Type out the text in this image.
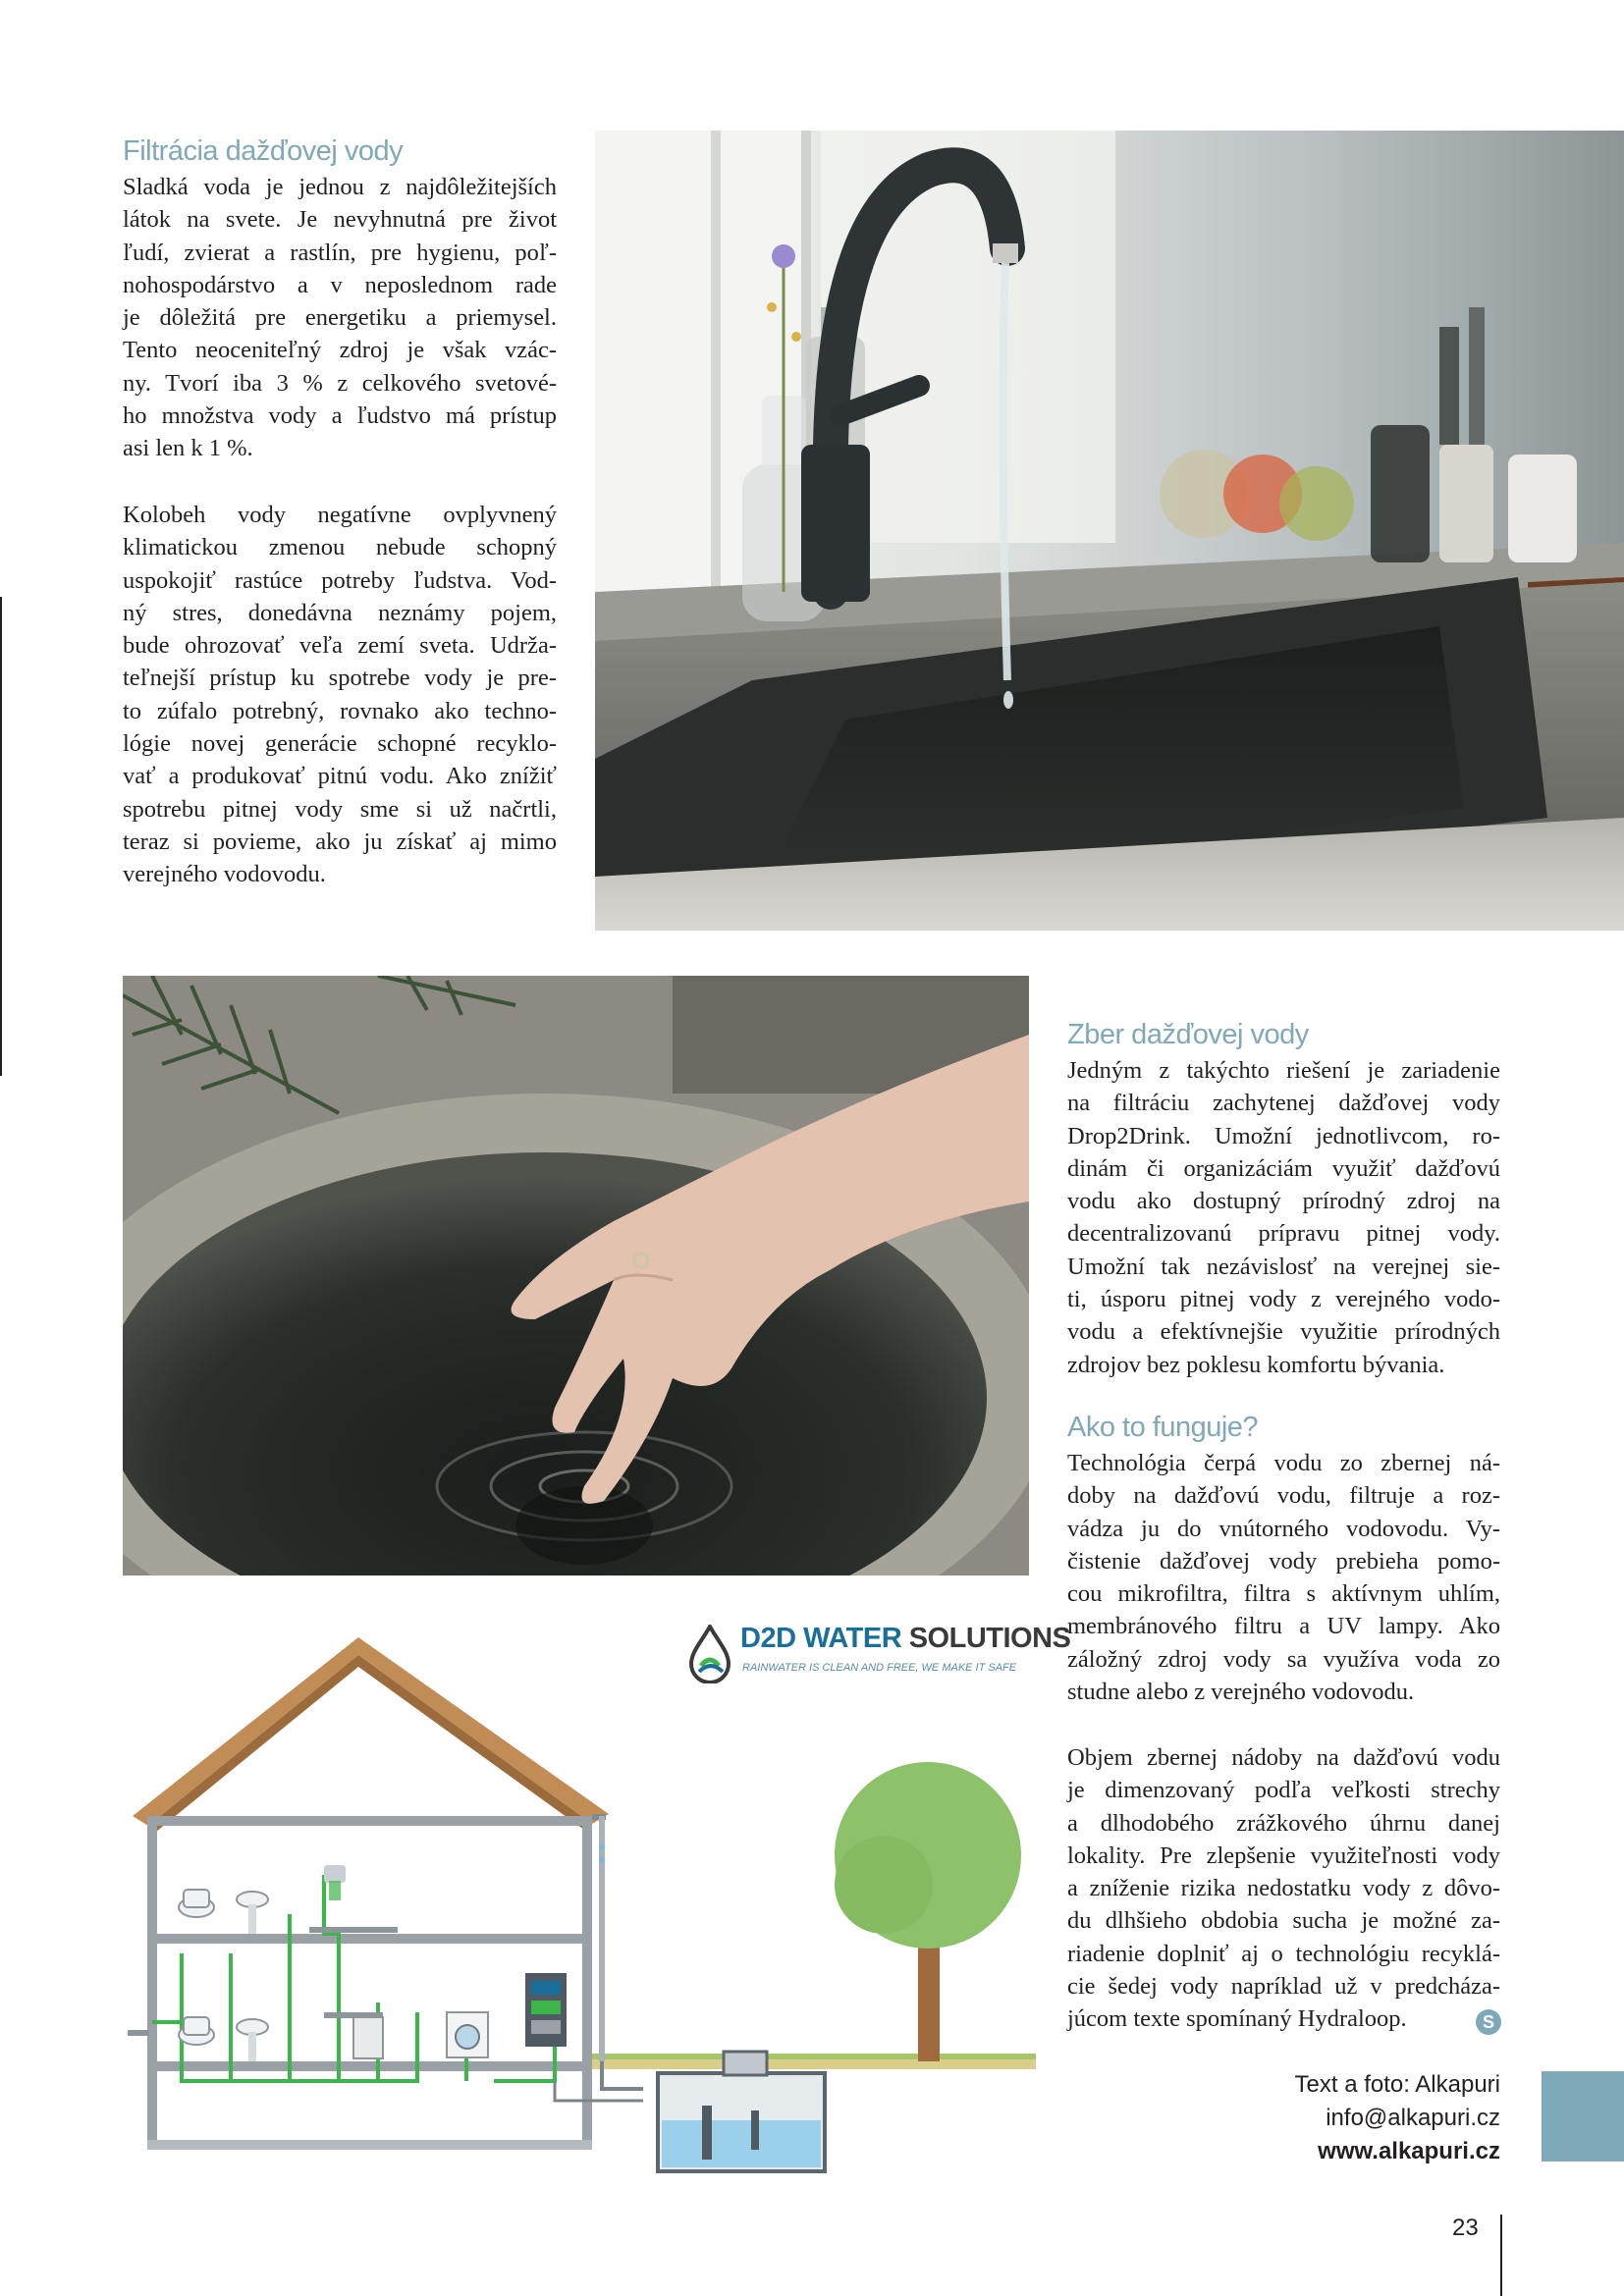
Filtrácia dažďovej vody
Sladká voda je jednou z najdôležitejších
látok na svete. Je nevyhnutná pre život
ľudí, zvierat a rastlín, pre hygienu, poľ-
nohospodárstvo a v neposlednom rade
je dôležitá pre energetiku a priemysel.
Tento neoceniteľný zdroj je však vzác-
ny. Tvorí iba 3 % z celkového svetové-
ho množstva vody a ľudstvo má prístup
asi len k 1 %.
Kolobeh vody negatívne ovplyvnený
klimatickou zmenou nebude schopný
uspokojiť rastúce potreby ľudstva. Vod-
ný stres, donedávna neznámy pojem,
bude ohrozovať veľa zemí sveta. Udrža-
teľnejší prístup ku spotrebe vody je pre-
to zúfalo potrebný, rovnako ako techno-
lógie novej generácie schopné recyklo-
vať a produkovať pitnú vodu. Ako znížiť
spotrebu pitnej vody sme si už načrtli,
teraz si povieme, ako ju získať aj mimo
verejného vodovodu.
Zber dažďovej vody
Jedným z takýchto riešení je zariadenie
na filtráciu zachytenej dažďovej vody
Drop2Drink. Umožní jednotlivcom, ro-
dinám či organizáciám využiť dažďovú
vodu ako dostupný prírodný zdroj na
decentralizovanú prípravu pitnej vody.
Umožní tak nezávislosť na verejnej sie-
ti, úsporu pitnej vody z verejného vodo-
vodu a efektívnejšie využitie prírodných
zdrojov bez poklesu komfortu bývania.
Ako to funguje?
Technológia čerpá vodu zo zbernej ná-
doby na dažďovú vodu, filtruje a roz-
vádza ju do vnútorného vodovodu. Vy-
čistenie dažďovej vody prebieha pomo-
cou mikrofiltra, filtra s aktívnym uhlím,
membránového filtru a UV lampy. Ako
záložný zdroj vody sa využíva voda zo
studne alebo z verejného vodovodu.
Objem zbernej nádoby na dažďovú vodu
je dimenzovaný podľa veľkosti strechy
a dlhodobého zrážkového úhrnu danej
lokality. Pre zlepšenie využiteľnosti vody
a zníženie rizika nedostatku vody z dôvo-
du dlhšieho obdobia sucha je možné za-
riadenie doplniť aj o technológiu recyklá-
cie šedej vody napríklad už v predcháza-
júcom texte spomínaný Hydraloop.	S
D2D WATER SOLUTIONS
RAINWATER IS CLEAN AND FREE, WE MAKE IT SAFE
Text a foto: Alkapuri
info@alkapuri.cz
www.alkapuri.cz
23
